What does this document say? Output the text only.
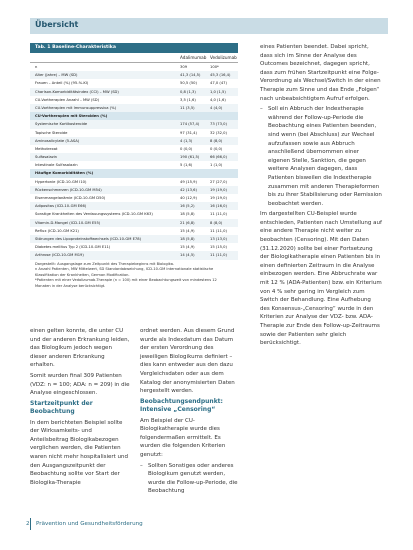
Übersicht
Tab. 1 Baseline-Charakteristika
Adalimumab Vedolizumab
n	309	100*
Alter (Jahre) – MW (SD)	41,3 (14,5)	45,3 (16,4)
Frauen – Anteil (%) (95-%-KI)	50,5 (50)	47,0 (47)
Charlson-Komorbiditätsindex (CCI) – MW (SD)	0,8 (1,3)	1,0 (1,5)
CU-Vortherapien Anzahl – MW (SD)	3,5 (1,6)	4,0 (1,6)
CU-Vortherapien mit Immunsuppressiva (%)	11 (3,5)	4 (4,0)
CU-Vortherapien mit Steroiden (%)
Systemische Kortikosteroide	174 (57,4)	73 (73,0)
Topische Steroide	97 (31,4)	32 (32,0)
Aminosalicylate (5-ASA)	4 (1,3)	8 (8,0)
Methotrexat	0 (0,0)	0 (0,0)
Sulfasalazin	190 (61,5)	66 (66,0)
Intestinale Sulfasalazin	5 (1,6)	1 (1,0)
Häufige Komorbiditäten (%)
Hypertonie (ICD-10-GM I10)	49 (15,9)	27 (27,0)
Rückenschmerzen (ICD-10-GM M54)	42 (13,6)	19 (19,0)
Eisenmangelanämie (ICD-10-GM D50)	40 (12,9)	19 (19,0)
Adipositas (ICD-10-GM E66)	16 (5,2)	16 (16,0)
Sonstige Krankheiten des Verdauungssystems (ICD-10-GM K63)	18 (5,8)	11 (11,0)
Vitamin-D-Mangel (ICD-10-GM E55)	21 (6,8)	8 (8,0)
Reflux (ICD-10-GM K21)	15 (4,9)	11 (11,0)
Störungen des Lipoproteinstoffwechsels (ICD-10-GM E78)	18 (5,8)	13 (13,0)
Diabetes mellitus Typ 2 (ICD-10-GM E11)	15 (4,9)	15 (15,0)
Arthrose (ICD-10-GM M19)	14 (4,5)	11 (11,0)
Dargestellt: Ausgangslage zum Zeitpunkt des Therapiebeginns mit Biologika.
n Anzahl Patienten, MW Mittelwert, SD Standardabweichung, ICD-10-GM Internationale statistische Klassifikation der Krankheiten, German Modification.
*Patienten mit einer Vedolizumab-Therapie (n = 100) mit einer Beobachtungszeit von mindestens 12 Monaten in der Analyse berücksichtigt.

einen gelten konnte, die unter CU und der anderen Erkrankung leiden, das Biologikum jedoch wegen dieser anderen Erkrankung erhalten.

Somit wurden final 309 Patienten (VDZ: n = 100; ADA: n = 209) in die Analyse eingeschlossen.

Startzeitpunkt der Beobachtung

In dem berichteten Beispiel sollte der Wirksamkeits- und Anteilsbeitrag Biologikabezogen verglichen werden, die Patienten waren nicht mehr hospitalisiert und den Ausgangszeitpunkt der Beobachtung sollte vor Start der Biologika-Therapie

ordnet werden. Aus diesem Grund wurde als Indexdatum das Datum der ersten Verordnung des jeweiligen Biologikums definiert – dies kann entweder aus den dazu Vergleichsdaten oder aus dem Katalog der anonymisierten Daten hergestellt werden.

Beobachtungsendpunkt: Intensive „Censoring“

Am Beispiel der CU-Biologikatherapie wurde dies folgendermaßen ermittelt. Es wurden die folgenden Kriterien genutzt:

– Sollten Sonstiges oder anderes Biologikum genutzt werden, wurde die Follow-up-Periode, die Beobachtung

eines Patienten beendet. Dabei spricht, dass sich im Sinne der Analyse des Outcomes bezeichnet, dagegen spricht, dass zum frühen Startzeitpunkt eine Folge-Verordnung als Wechsel/Switch in der einen Therapie zum Sinne und das Ende „Folgen“ nach unbeabsichtigtem Aufruf erfolgen.

– Soll ein Abbruch der Indextherapie während der Follow-up-Periode die Beobachtung eines Patienten beenden, sind wenn (bei Abschluss) zur Wechsel aufzufassen sowie aus Abbruch anschließend übernommen einer eigenen Stelle, Sanktion, die gegen weitere Analysen dagegen, dass Patienten bisweilen die Indextherapie zusammen mit anderen Therapieformen bis zu ihrer Stabilisierung oder Remission beobachtet werden.

Im dargestellten CU-Beispiel wurde entschieden, Patienten nach Umstellung auf eine andere Therapie nicht weiter zu beobachten (Censoring). Mit den Daten (31.12.2020) sollte bei einer Fortsetzung der Biologikatherapie einen Patienten bis in einen definierten Zeitraum in die Analyse einbezogen werden. Eine Abbruchrate war mit 12 % (ADA-Patienten) bzw. ein Kriterium von 4 % sehr gering im Vergleich zum Switch der Behandlung. Eine Aufhebung des Konsensus-„Censoring“ wurde in den Kriterien zur Analyse der VDZ- bzw. ADA-Therapie zur Ende des Follow-up-Zeitraums sowie der Patienten sehr gleich berücksichtigt.

2 Prävention und Gesundheitsförderung
